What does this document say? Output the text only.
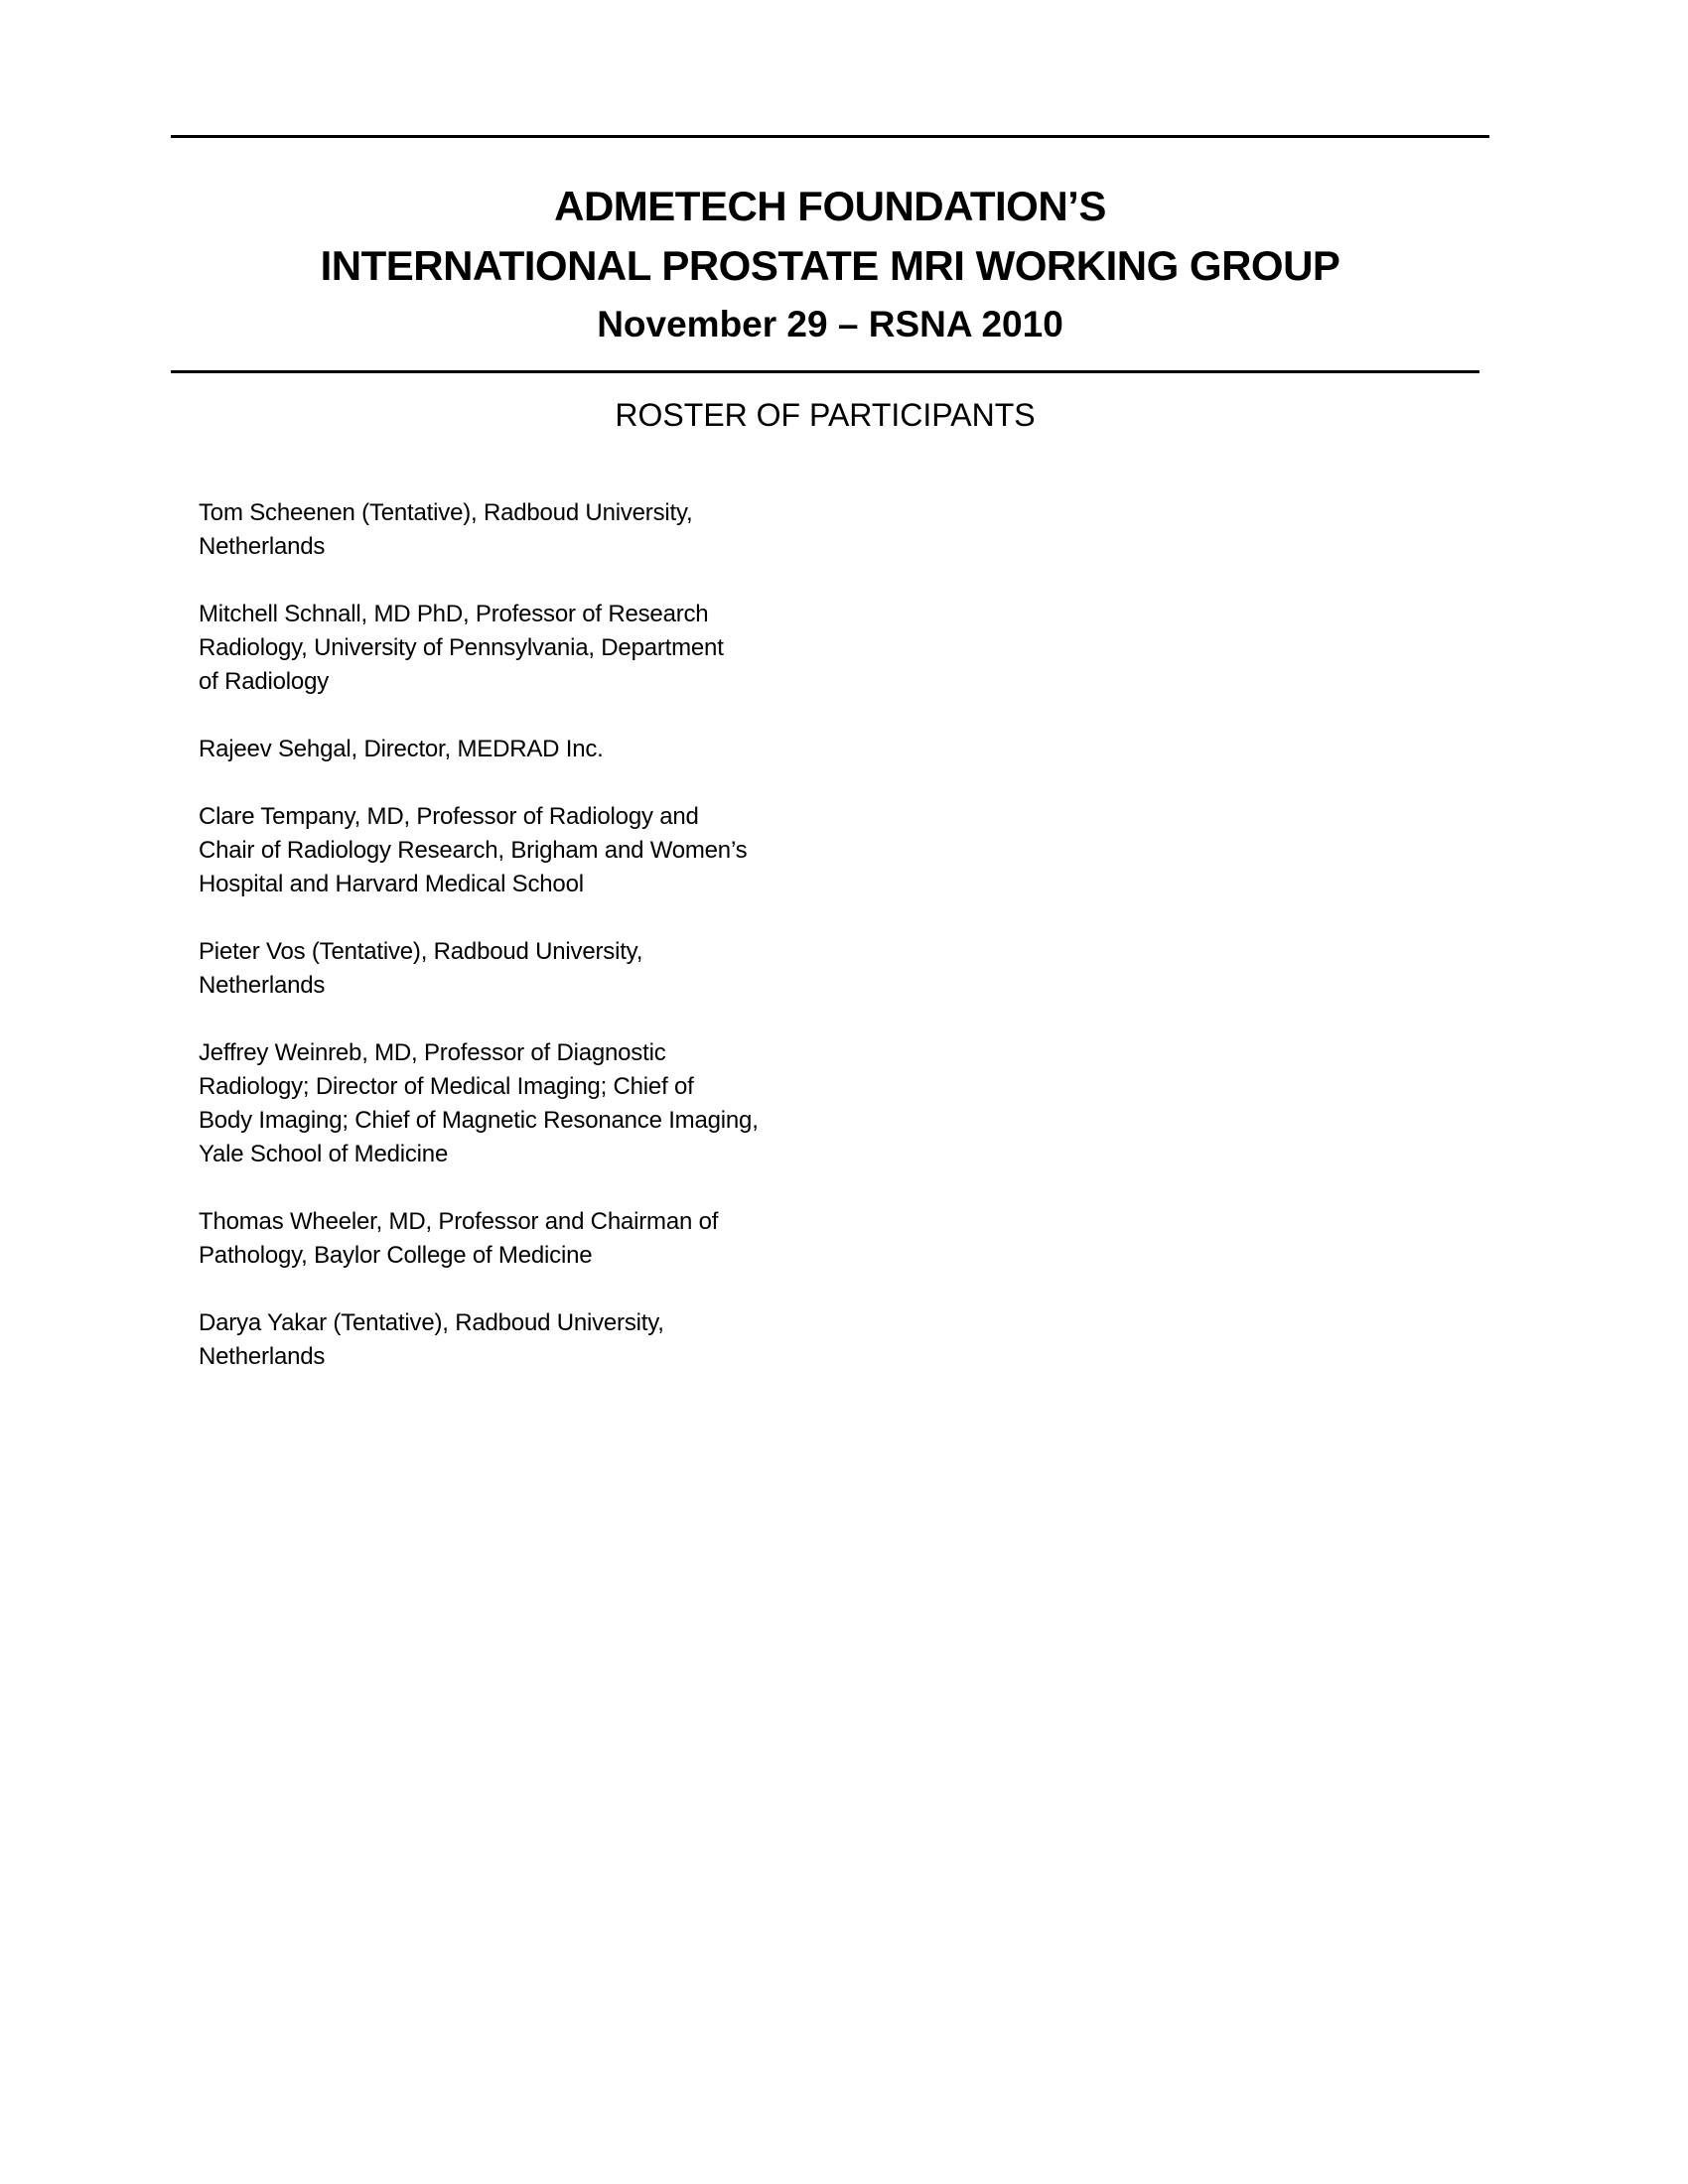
ADMETECH FOUNDATION’S
INTERNATIONAL PROSTATE MRI WORKING GROUP
November 29 – RSNA 2010
ROSTER OF PARTICIPANTS
Tom Scheenen (Tentative), Radboud University,
Netherlands
Mitchell Schnall, MD PhD, Professor of Research
Radiology, University of Pennsylvania, Department
of Radiology
Rajeev Sehgal, Director, MEDRAD Inc.
Clare Tempany, MD, Professor of Radiology and
Chair of Radiology Research, Brigham and Women’s
Hospital and Harvard Medical School
Pieter Vos (Tentative), Radboud University,
Netherlands
Jeffrey Weinreb, MD, Professor of Diagnostic
Radiology; Director of Medical Imaging; Chief of
Body Imaging; Chief of Magnetic Resonance Imaging,
Yale School of Medicine
Thomas Wheeler, MD, Professor and Chairman of
Pathology, Baylor College of Medicine
Darya Yakar (Tentative), Radboud University,
Netherlands
